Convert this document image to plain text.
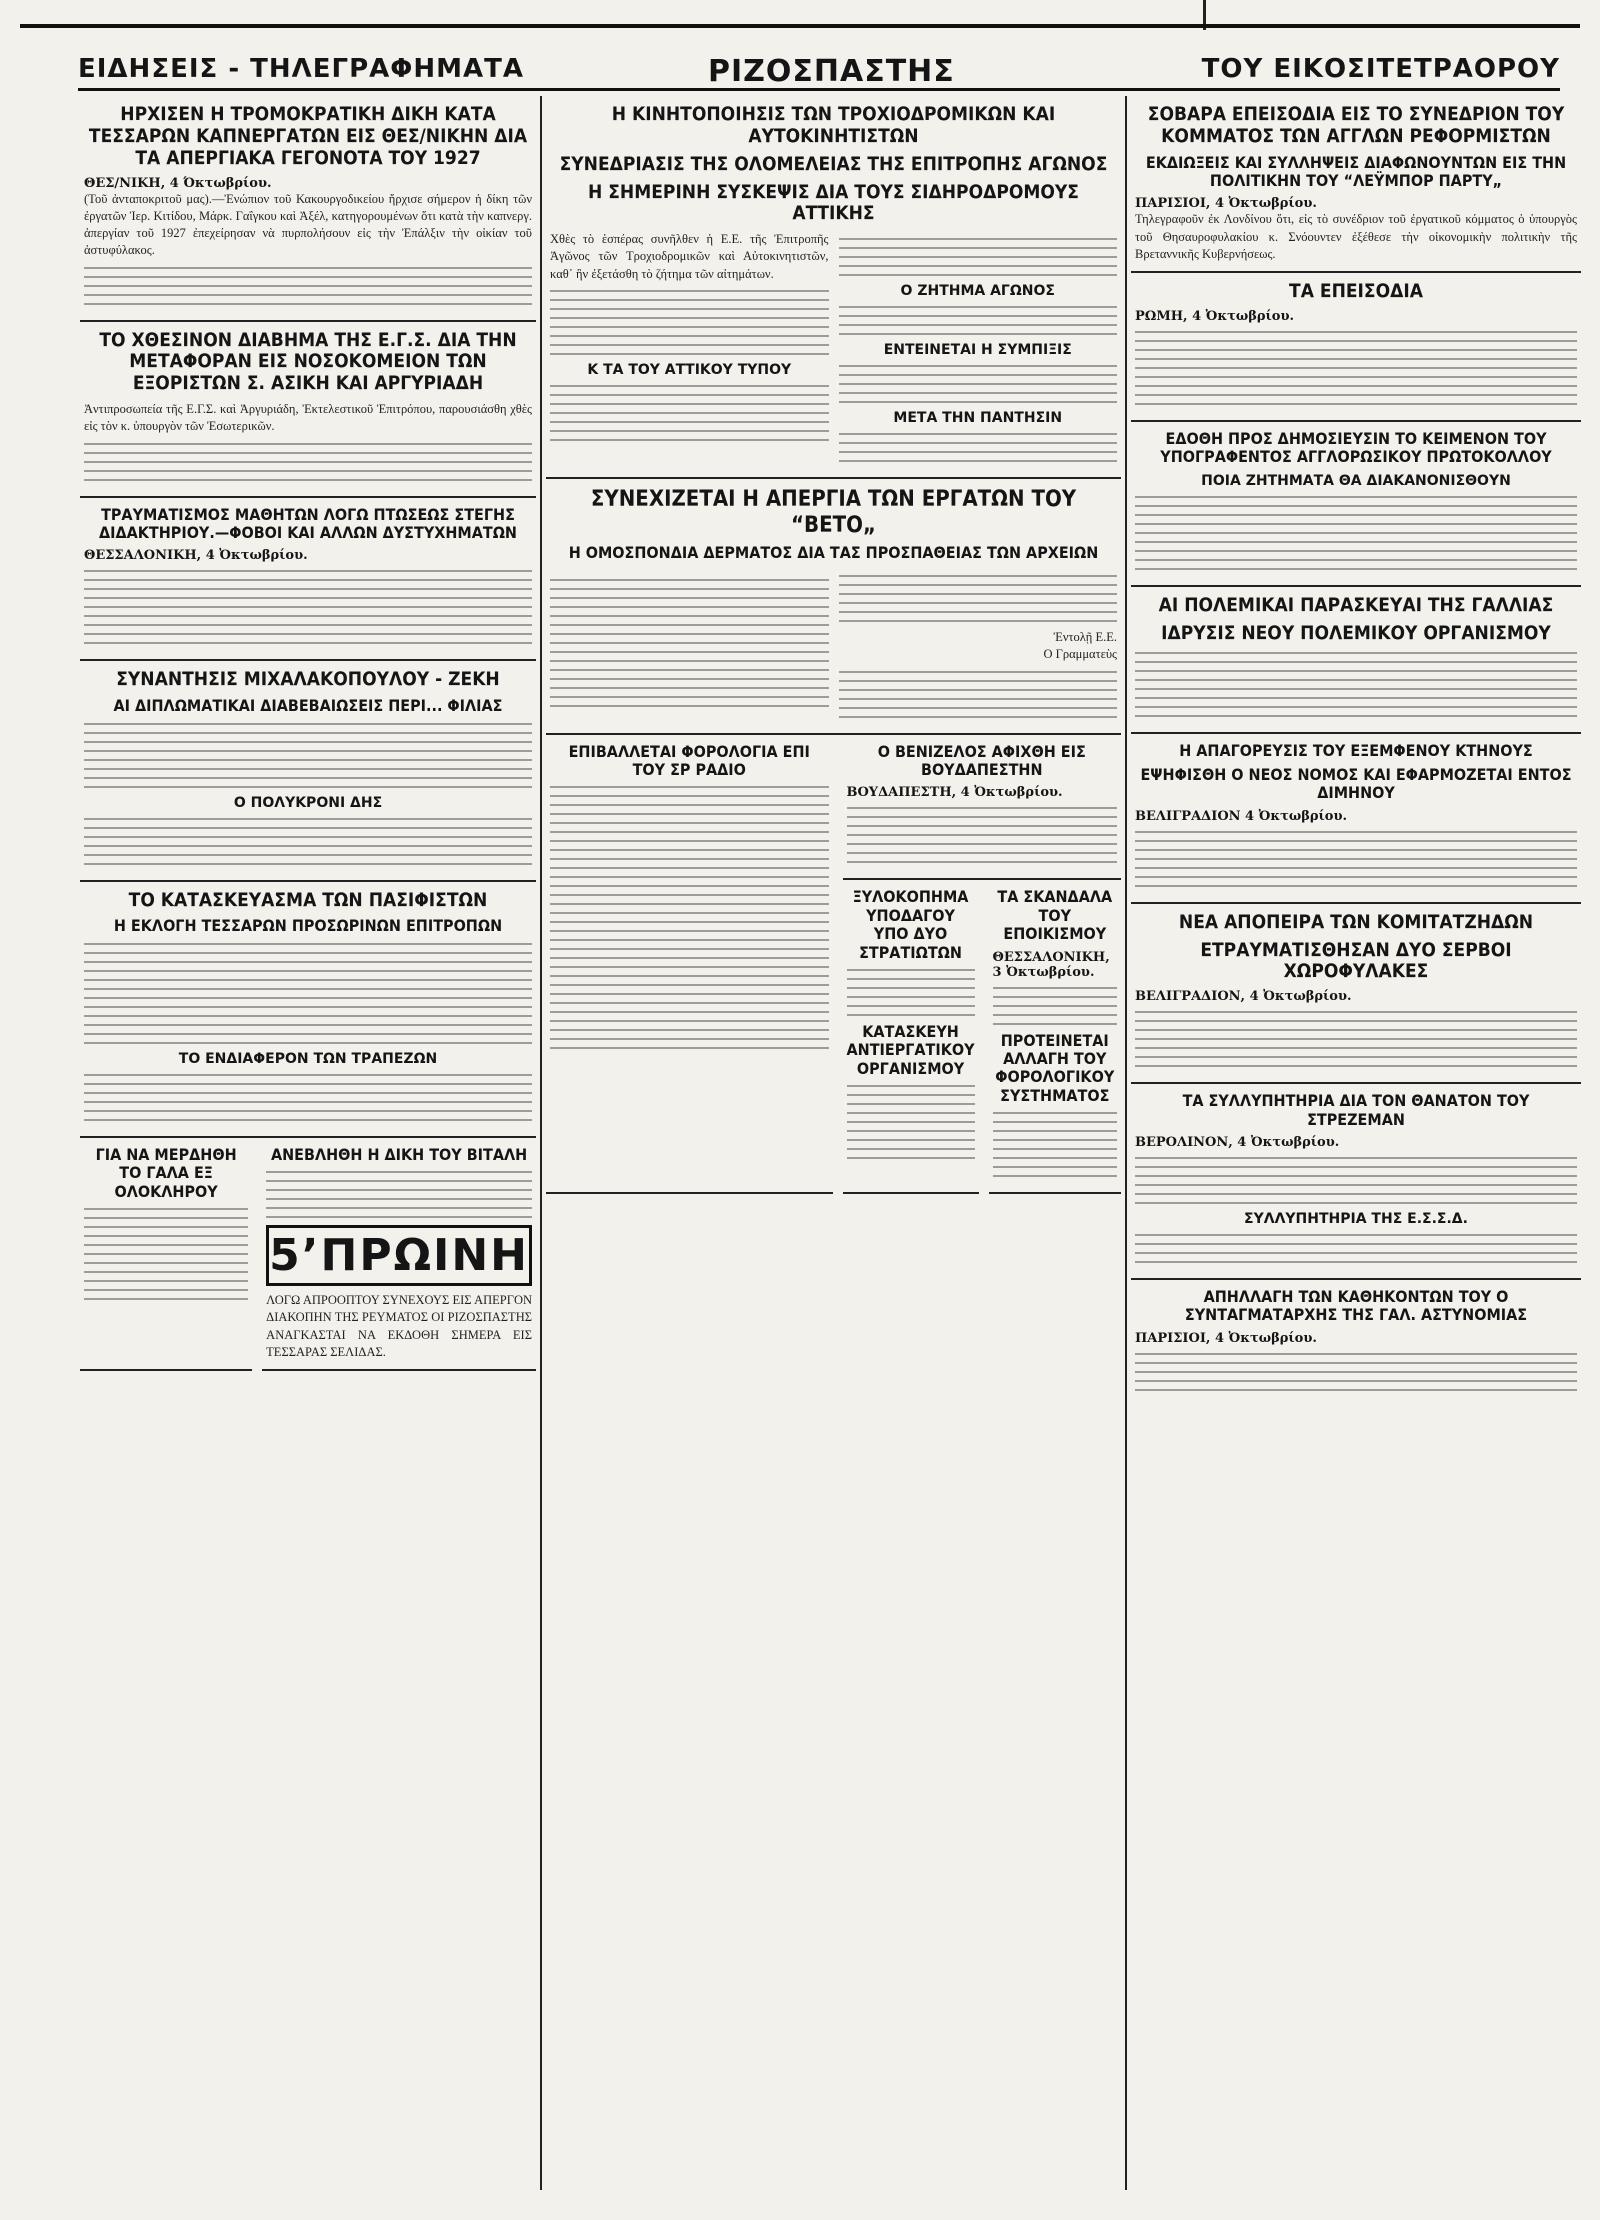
ΕΙΔΗΣΕΙΣ - ΤΗΛΕΓΡΑΦΗΜΑΤΑ	ΡΙΖΟΣΠΑΣΤΗΣ	ΤΟΥ ΕΙΚΟΣΙΤΕΤΡΑΟΡΟΥ
ΗΡΧΙΣΕΝ Η ΤΡΟΜΟΚΡΑΤΙΚΗ ΔΙΚΗ ΚΑΤΑ ΤΕΣΣΑΡΩΝ ΚΑΠΝΕΡΓΑΤΩΝ ΕΙΣ ΘΕΣ/ΝΙΚΗΝ ΔΙΑ ΤΑ ΑΠΕΡΓΙΑΚΑ ΓΕΓΟΝΟΤΑ ΤΟΥ 1927
ΘΕΣ/ΝΙΚΗ, 4 Όκτωβρίου.
(Τοῦ ἀνταποκριτοῦ μας).—Ἐνώπιον τοῦ Κακουργοδικείου ἤρχισε σήμερον ἡ δίκη τῶν ἐργατῶν Ἰερ. Κιτίδου, Μάρκ. Γαΐγκου καὶ Ἀξέλ, κατηγορουμένων ὅτι κατὰ τὴν καπνεργ. ἀπεργίαν τοῦ 1927 ἐπεχείρησαν νὰ πυρπολήσουν εἰς τὴν Ἐπάλξιν τὴν οἰκίαν τοῦ ἀστυφύλακος.
ΤΟ ΧΘΕΣΙΝΟΝ ΔΙΑΒΗΜΑ ΤΗΣ Ε.Γ.Σ. ΔΙΑ ΤΗΝ ΜΕΤΑΦΟΡΑΝ ΕΙΣ ΝΟΣΟΚΟΜΕΙΟΝ ΤΩΝ ΕΞΟΡΙΣΤΩΝ Σ. ΑΣΙΚΗ ΚΑΙ ΑΡΓΥΡΙΑΔΗ
Ἀντιπροσωπεία τῆς Ε.Γ.Σ. καὶ Ἀργυριάδη, Ἐκτελεστικοῦ Ἐπιτρόπου, παρουσιάσθη χθὲς εἰς τὸν κ. ὑπουργὸν τῶν Ἐσωτερικῶν.
ΤΡΑΥΜΑΤΙΣΜΟΣ ΜΑΘΗΤΩΝ ΛΟΓΩ ΠΤΩΣΕΩΣ ΣΤΕΓΗΣ ΔΙΔΑΚΤΗΡΙΟΥ.—ΦΟΒΟΙ ΚΑΙ ΑΛΛΩΝ ΔΥΣΤΥΧΗΜΑΤΩΝ
ΘΕΣΣΑΛΟΝΙΚΗ, 4 Ὀκτωβρίου.
ΣΥΝΑΝΤΗΣΙΣ ΜΙΧΑΛΑΚΟΠΟΥΛΟΥ - ΖΕΚΗ
ΑΙ ΔΙΠΛΩΜΑΤΙΚΑΙ ΔΙΑΒΕΒΑΙΩΣΕΙΣ ΠΕΡΙ... ΦΙΛΙΑΣ
Ο ΠΟΛΥΚΡΟΝΙ ΔΗΣ
ΤΟ ΚΑΤΑΣΚΕΥΑΣΜΑ ΤΩΝ ΠΑΣΙΦΙΣΤΩΝ
Η ΕΚΛΟΓΗ ΤΕΣΣΑΡΩΝ ΠΡΟΣΩΡΙΝΩΝ ΕΠΙΤΡΟΠΩΝ
ΤΟ ΕΝΔΙΑΦΕΡΟΝ ΤΩΝ ΤΡΑΠΕΖΩΝ
ΓΙΑ ΝΑ ΜΕΡΔΗΘΗ ΤΟ ΓΑΛΑ ΕΞ ΟΛΟΚΛΗΡΟΥ
ΑΝΕΒΛΗΘΗ Η ΔΙΚΗ ΤΟΥ ΒΙΤΑΛΗ
5ʼΠΡΩΙΝΗ
ΛΟΓΩ ΑΠΡΟΟΠΤΟΥ ΣΥΝΕΧΟΥΣ ΕΙΣ ΑΠΕΡΓΟΝ ΔΙΑΚΟΠΗΝ ΤΗΣ ΡΕΥΜΑΤΟΣ ΟΙ ΡΙΖΟΣΠΑΣΤΗΣ ΑΝΑΓΚΑΣΤΑΙ ΝΑ ΕΚΔΟΘΗ ΣΗΜΕΡΑ ΕΙΣ ΤΕΣΣΑΡΑΣ ΣΕΛΙΔΑΣ.
Η ΚΙΝΗΤΟΠΟΙΗΣΙΣ ΤΩΝ ΤΡΟΧΙΟΔΡΟΜΙΚΩΝ ΚΑΙ ΑΥΤΟΚΙΝΗΤΙΣΤΩΝ
ΣΥΝΕΔΡΙΑΣΙΣ ΤΗΣ ΟΛΟΜΕΛΕΙΑΣ ΤΗΣ ΕΠΙΤΡΟΠΗΣ ΑΓΩΝΟΣ
Η ΣΗΜΕΡΙΝΗ ΣΥΣΚΕΨΙΣ ΔΙΑ ΤΟΥΣ ΣΙΔΗΡΟΔΡΟΜΟΥΣ ΑΤΤΙΚΗΣ
Χθὲς τὸ ἑσπέρας συνῆλθεν ἡ Ε.Ε. τῆς Ἐπιτροπῆς Ἀγῶνος τῶν Τροχιοδρομικῶν καὶ Αὐτοκινητιστῶν, καθ᾽ ἣν ἐξετάσθη τὸ ζήτημα τῶν αἰτημάτων.
Κ ΤΑ ΤΟΥ ΑΤΤΙΚΟΥ ΤΥΠΟΥ
Ο ΖΗΤΗΜΑ ΑΓΩΝΟΣ
ΕΝΤΕΙΝΕΤΑΙ Η ΣΥΜΠΙΞΙΣ
ΜΕΤΑ ΤΗΝ ΠΑΝΤΗΣΙΝ
ΣΥΝΕΧΙΖΕΤΑΙ Η ΑΠΕΡΓΙΑ ΤΩΝ ΕΡΓΑΤΩΝ ΤΟΥ “ΒΕΤΟ„
Η ΟΜΟΣΠΟΝΔΙΑ ΔΕΡΜΑΤΟΣ ΔΙΑ ΤΑΣ ΠΡΟΣΠΑΘΕΙΑΣ ΤΩΝ ΑΡΧΕΙΩΝ
Ἐντολῇ Ε.Ε.
Ο Γραμματεὺς
ΕΠΙΒΑΛΛΕΤΑΙ ΦΟΡΟΛΟΓΙΑ ΕΠΙ ΤΟΥ ΣΡ ΡΑΔΙΟ
Ο ΒΕΝΙΖΕΛΟΣ ΑΦΙΧΘΗ ΕΙΣ ΒΟΥΔΑΠΕΣΤΗΝ
ΒΟΥΔΑΠΕΣΤΗ, 4 Ὀκτωβρίου.
ΞΥΛΟΚΟΠΗΜΑ ΥΠΟΔΑΓΟΥ ΥΠΟ ΔΥΟ ΣΤΡΑΤΙΩΤΩΝ
ΚΑΤΑΣΚΕΥΗ ΑΝΤΙΕΡΓΑΤΙΚΟΥ ΟΡΓΑΝΙΣΜΟΥ
ΤΑ ΣΚΑΝΔΑΛΑ ΤΟΥ ΕΠΟΙΚΙΣΜΟΥ
ΘΕΣΣΑΛΟΝΙΚΗ, 3 Ὀκτωβρίου.
ΠΡΟΤΕΙΝΕΤΑΙ ΑΛΛΑΓΗ ΤΟΥ ΦΟΡΟΛΟΓΙΚΟΥ ΣΥΣΤΗΜΑΤΟΣ
ΣΟΒΑΡΑ ΕΠΕΙΣΟΔΙΑ ΕΙΣ ΤΟ ΣΥΝΕΔΡΙΟΝ ΤΟΥ ΚΟΜΜΑΤΟΣ ΤΩΝ ΑΓΓΛΩΝ ΡΕΦΟΡΜΙΣΤΩΝ
ΕΚΔΙΩΞΕΙΣ ΚΑΙ ΣΥΛΛΗΨΕΙΣ ΔΙΑΦΩΝΟΥΝΤΩΝ ΕΙΣ ΤΗΝ ΠΟΛΙΤΙΚΗΝ ΤΟΥ “ΛΕΫΜΠΟΡ ΠΑΡΤΥ„
ΠΑΡΙΣΙΟΙ, 4 Ὀκτωβρίου.
Τηλεγραφοῦν ἐκ Λονδίνου ὅτι, εἰς τὸ συνέδριον τοῦ ἐργατικοῦ κόμματος ὁ ὑπουργὸς τοῦ Θησαυροφυλακίου κ. Σνόουντεν ἐξέθεσε τὴν οἰκονομικὴν πολιτικὴν τῆς Βρεταννικῆς Κυβερνήσεως.
ΤΑ ΕΠΕΙΣΟΔΙΑ
ΡΩΜΗ, 4 Ὀκτωβρίου.
ΕΔΟΘΗ ΠΡΟΣ ΔΗΜΟΣΙΕΥΣΙΝ ΤΟ ΚΕΙΜΕΝΟΝ ΤΟΥ ΥΠΟΓΡΑΦΕΝΤΟΣ ΑΓΓΛΟΡΩΣΙΚΟΥ ΠΡΩΤΟΚΟΛΛΟΥ
ΠΟΙΑ ΖΗΤΗΜΑΤΑ ΘΑ ΔΙΑΚΑΝΟΝΙΣΘΟΥΝ
ΑΙ ΠΟΛΕΜΙΚΑΙ ΠΑΡΑΣΚΕΥΑΙ ΤΗΣ ΓΑΛΛΙΑΣ
ΙΔΡΥΣΙΣ ΝΕΟΥ ΠΟΛΕΜΙΚΟΥ ΟΡΓΑΝΙΣΜΟΥ
Η ΑΠΑΓΟΡΕΥΣΙΣ ΤΟΥ ΕΞΕΜΦΕΝΟΥ ΚΤΗΝΟΥΣ
ΕΨΗΦΙΣΘΗ Ο ΝΕΟΣ ΝΟΜΟΣ ΚΑΙ ΕΦΑΡΜΟΖΕΤΑΙ ΕΝΤΟΣ ΔΙΜΗΝΟΥ
ΒΕΛΙΓΡΑΔΙΟΝ 4 Ὀκτωβρίου.
ΝΕΑ ΑΠΟΠΕΙΡΑ ΤΩΝ ΚΟΜΙΤΑΤΖΗΔΩΝ
ΕΤΡΑΥΜΑΤΙΣΘΗΣΑΝ ΔΥΟ ΣΕΡΒΟΙ ΧΩΡΟΦΥΛΑΚΕΣ
ΒΕΛΙΓΡΑΔΙΟΝ, 4 Ὀκτωβρίου.
ΤΑ ΣΥΛΛΥΠΗΤΗΡΙΑ ΔΙΑ ΤΟΝ ΘΑΝΑΤΟΝ ΤΟΥ ΣΤΡΕΖΕΜΑΝ
ΒΕΡΟΛΙΝΟΝ, 4 Ὀκτωβρίου.
ΣΥΛΛΥΠΗΤΗΡΙΑ ΤΗΣ Ε.Σ.Σ.Δ.
ΑΠΗΛΛΑΓΗ ΤΩΝ ΚΑΘΗΚΟΝΤΩΝ ΤΟΥ Ο ΣΥΝΤΑΓΜΑΤΑΡΧΗΣ ΤΗΣ ΓΑΛ. ΑΣΤΥΝΟΜΙΑΣ
ΠΑΡΙΣΙΟΙ, 4 Ὀκτωβρίου.
